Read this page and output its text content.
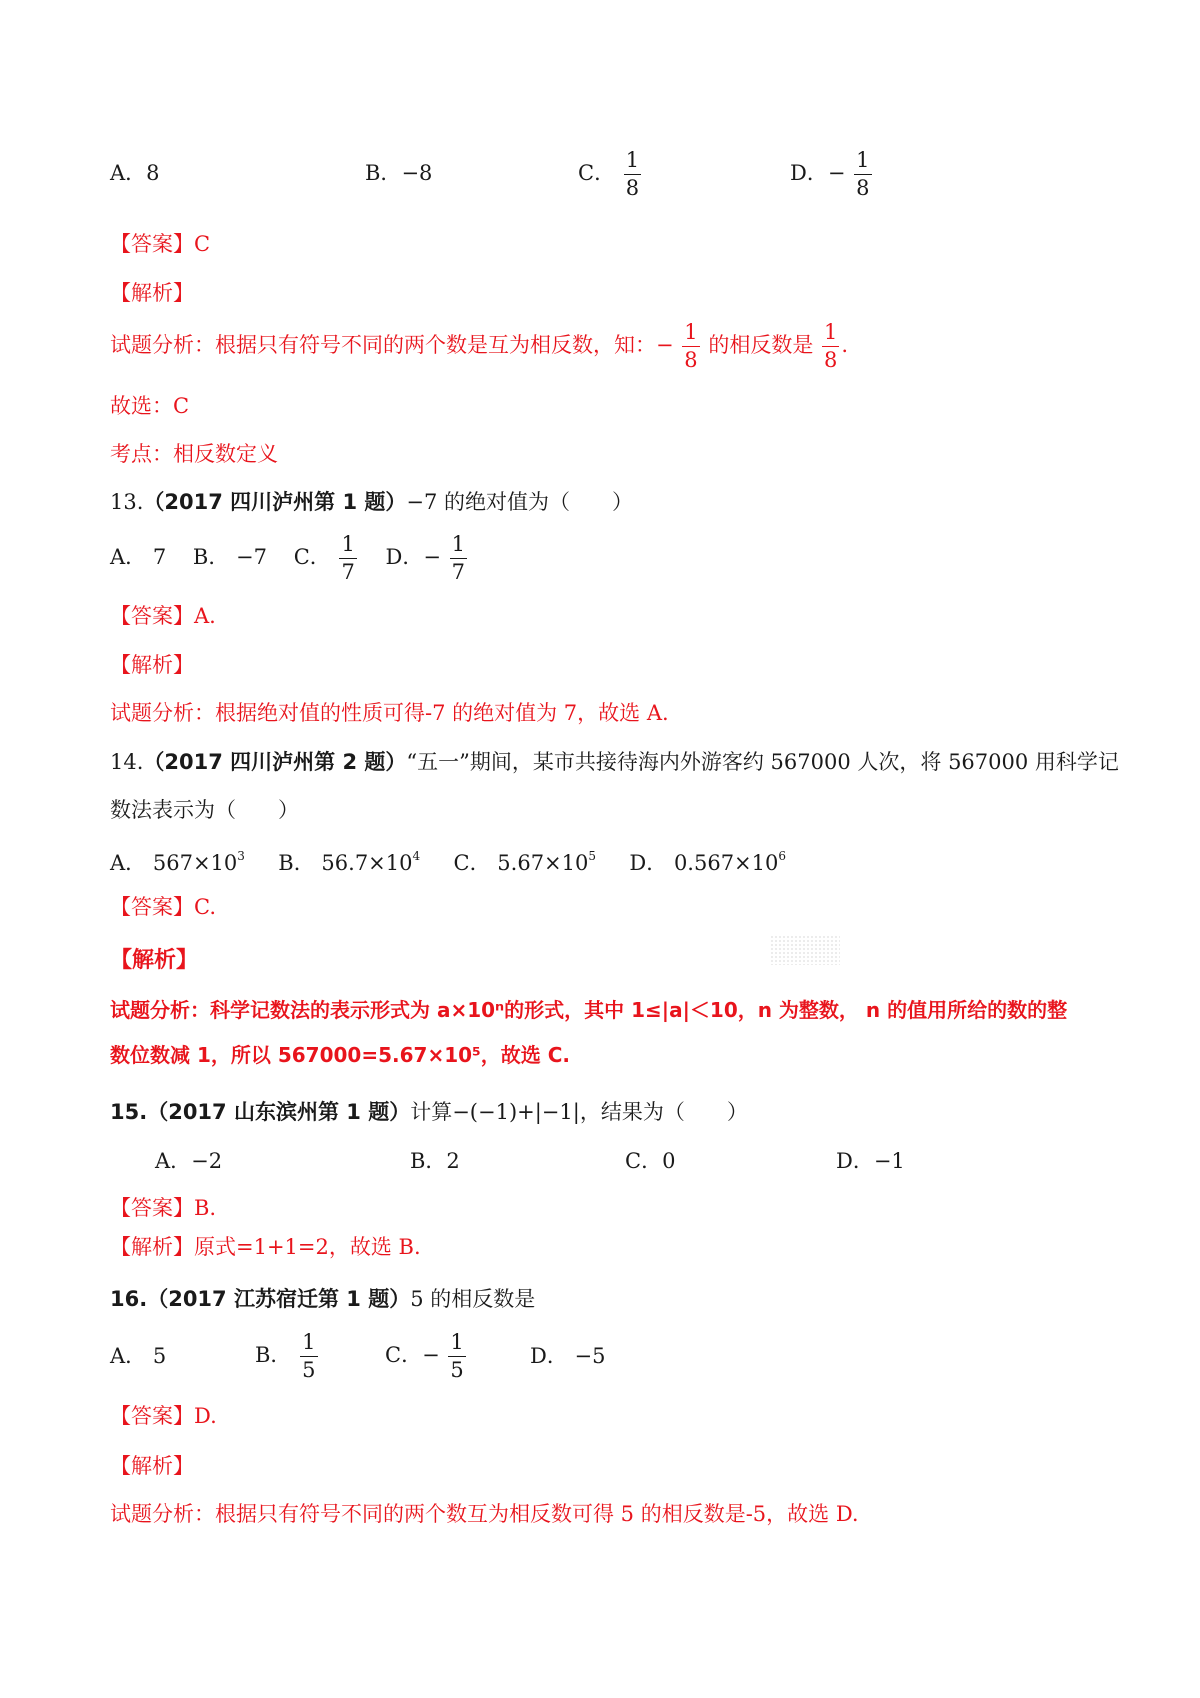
A．8	B．−8	C． $\frac{1}{8}$	D．− $\frac{1}{8}$
【答案】C
【解析】
试题分析：根据只有符号不同的两个数是互为相反数，知：− $\frac{1}{8}$ 的相反数是 $\frac{1}{8}$ .
故选：C
考点：相反数定义
13.（2017 四川泸州第 1 题）−7 的绝对值为（　　）
A． 7 B． −7 C． $\frac{1}{7}$ D．− $\frac{1}{7}$
【答案】A.
【解析】
试题分析：根据绝对值的性质可得-7 的绝对值为 7，故选 A.
14.（2017 四川泸州第 2 题）“五一”期间，某市共接待海内外游客约 567000 人次，将 567000 用科学记
数法表示为（　　）
A． $567\times 10^3$ B． $56.7\times 10^4$ C． $5.67\times 10^5$ D． $0.567\times 10^6$
【答案】C.
【解析】
试题分析：科学记数法的表示形式为 a×10ⁿ的形式，其中 1≤|a|＜10，n 为整数， n 的值用所给的数的整
数位数减 1，所以 567000=5.67×10⁵，故选 C.
15.（2017 山东滨州第 1 题）计算−(−1)+|−1|，结果为（　　）
A．−2	B．2	C．0	D．−1
【答案】B.
【解析】原式=1+1=2，故选 B.
16.（2017 江苏宿迁第 1 题）5 的相反数是
A． 5	B． $\frac{1}{5}$	C．− $\frac{1}{5}$	D． −5
【答案】D.
【解析】
试题分析：根据只有符号不同的两个数互为相反数可得 5 的相反数是-5，故选 D.
